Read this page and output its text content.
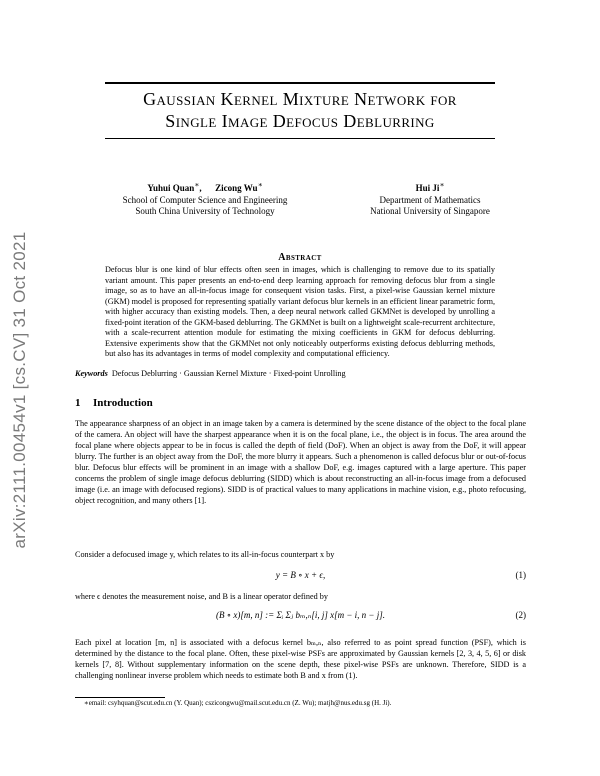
arXiv:2111.00454v1 [cs.CV] 31 Oct 2021
Gaussian Kernel Mixture Network for
Single Image Defocus Deblurring
Yuhui Quan∗, Zicong Wu∗
School of Computer Science and Engineering
South China University of Technology
Hui Ji∗
Department of Mathematics
National University of Singapore
Abstract
Defocus blur is one kind of blur effects often seen in images, which is challenging to remove due to its spatially variant amount. This paper presents an end-to-end deep learning approach for removing defocus blur from a single image, so as to have an all-in-focus image for consequent vision tasks. First, a pixel-wise Gaussian kernel mixture (GKM) model is proposed for representing spatially variant defocus blur kernels in an efficient linear parametric form, with higher accuracy than existing models. Then, a deep neural network called GKMNet is developed by unrolling a fixed-point iteration of the GKM-based deblurring. The GKMNet is built on a lightweight scale-recurrent architecture, with a scale-recurrent attention module for estimating the mixing coefficients in GKM for defocus deblurring. Extensive experiments show that the GKMNet not only noticeably outperforms existing defocus deblurring methods, but also has its advantages in terms of model complexity and computational efficiency.
Keywords Defocus Deblurring · Gaussian Kernel Mixture · Fixed-point Unrolling
1 Introduction
The appearance sharpness of an object in an image taken by a camera is determined by the scene distance of the object to the focal plane of the camera. An object will have the sharpest appearance when it is on the focal plane, i.e., the object is in focus. The area around the focal plane where objects appear to be in focus is called the depth of field (DoF). When an object is away from the DoF, it will appear blurry. The further is an object away from the DoF, the more blurry it appears. Such a phenomenon is called defocus blur or out-of-focus blur. Defocus blur effects will be prominent in an image with a shallow DoF, e.g. images captured with a large aperture. This paper concerns the problem of single image defocus deblurring (SIDD) which is about reconstructing an all-in-focus image from a defocused image (i.e. an image with defocused regions). SIDD is of practical values to many applications in machine vision, e.g., photo refocusing, object recognition, and many others [1].
Consider a defocused image y, which relates to its all-in-focus counterpart x by
y = B ∘ x + ϵ,	(1)
where ϵ denotes the measurement noise, and B is a linear operator defined by
(B ∘ x)[m, n] := Σᵢ Σⱼ bₘ,ₙ[i, j] x[m − i, n − j].	(2)
Each pixel at location [m, n] is associated with a defocus kernel bₘ,ₙ, also referred to as point spread function (PSF), which is determined by the distance to the focal plane. Often, these pixel-wise PSFs are approximated by Gaussian kernels [2, 3, 4, 5, 6] or disk kernels [7, 8]. Without supplementary information on the scene depth, these pixel-wise PSFs are unknown. Therefore, SIDD is a challenging nonlinear inverse problem which needs to estimate both B and x from (1).
∗email: csyhquan@scut.edu.cn (Y. Quan); cszicongwu@mail.scut.edu.cn (Z. Wu); matjh@nus.edu.sg (H. Ji).
